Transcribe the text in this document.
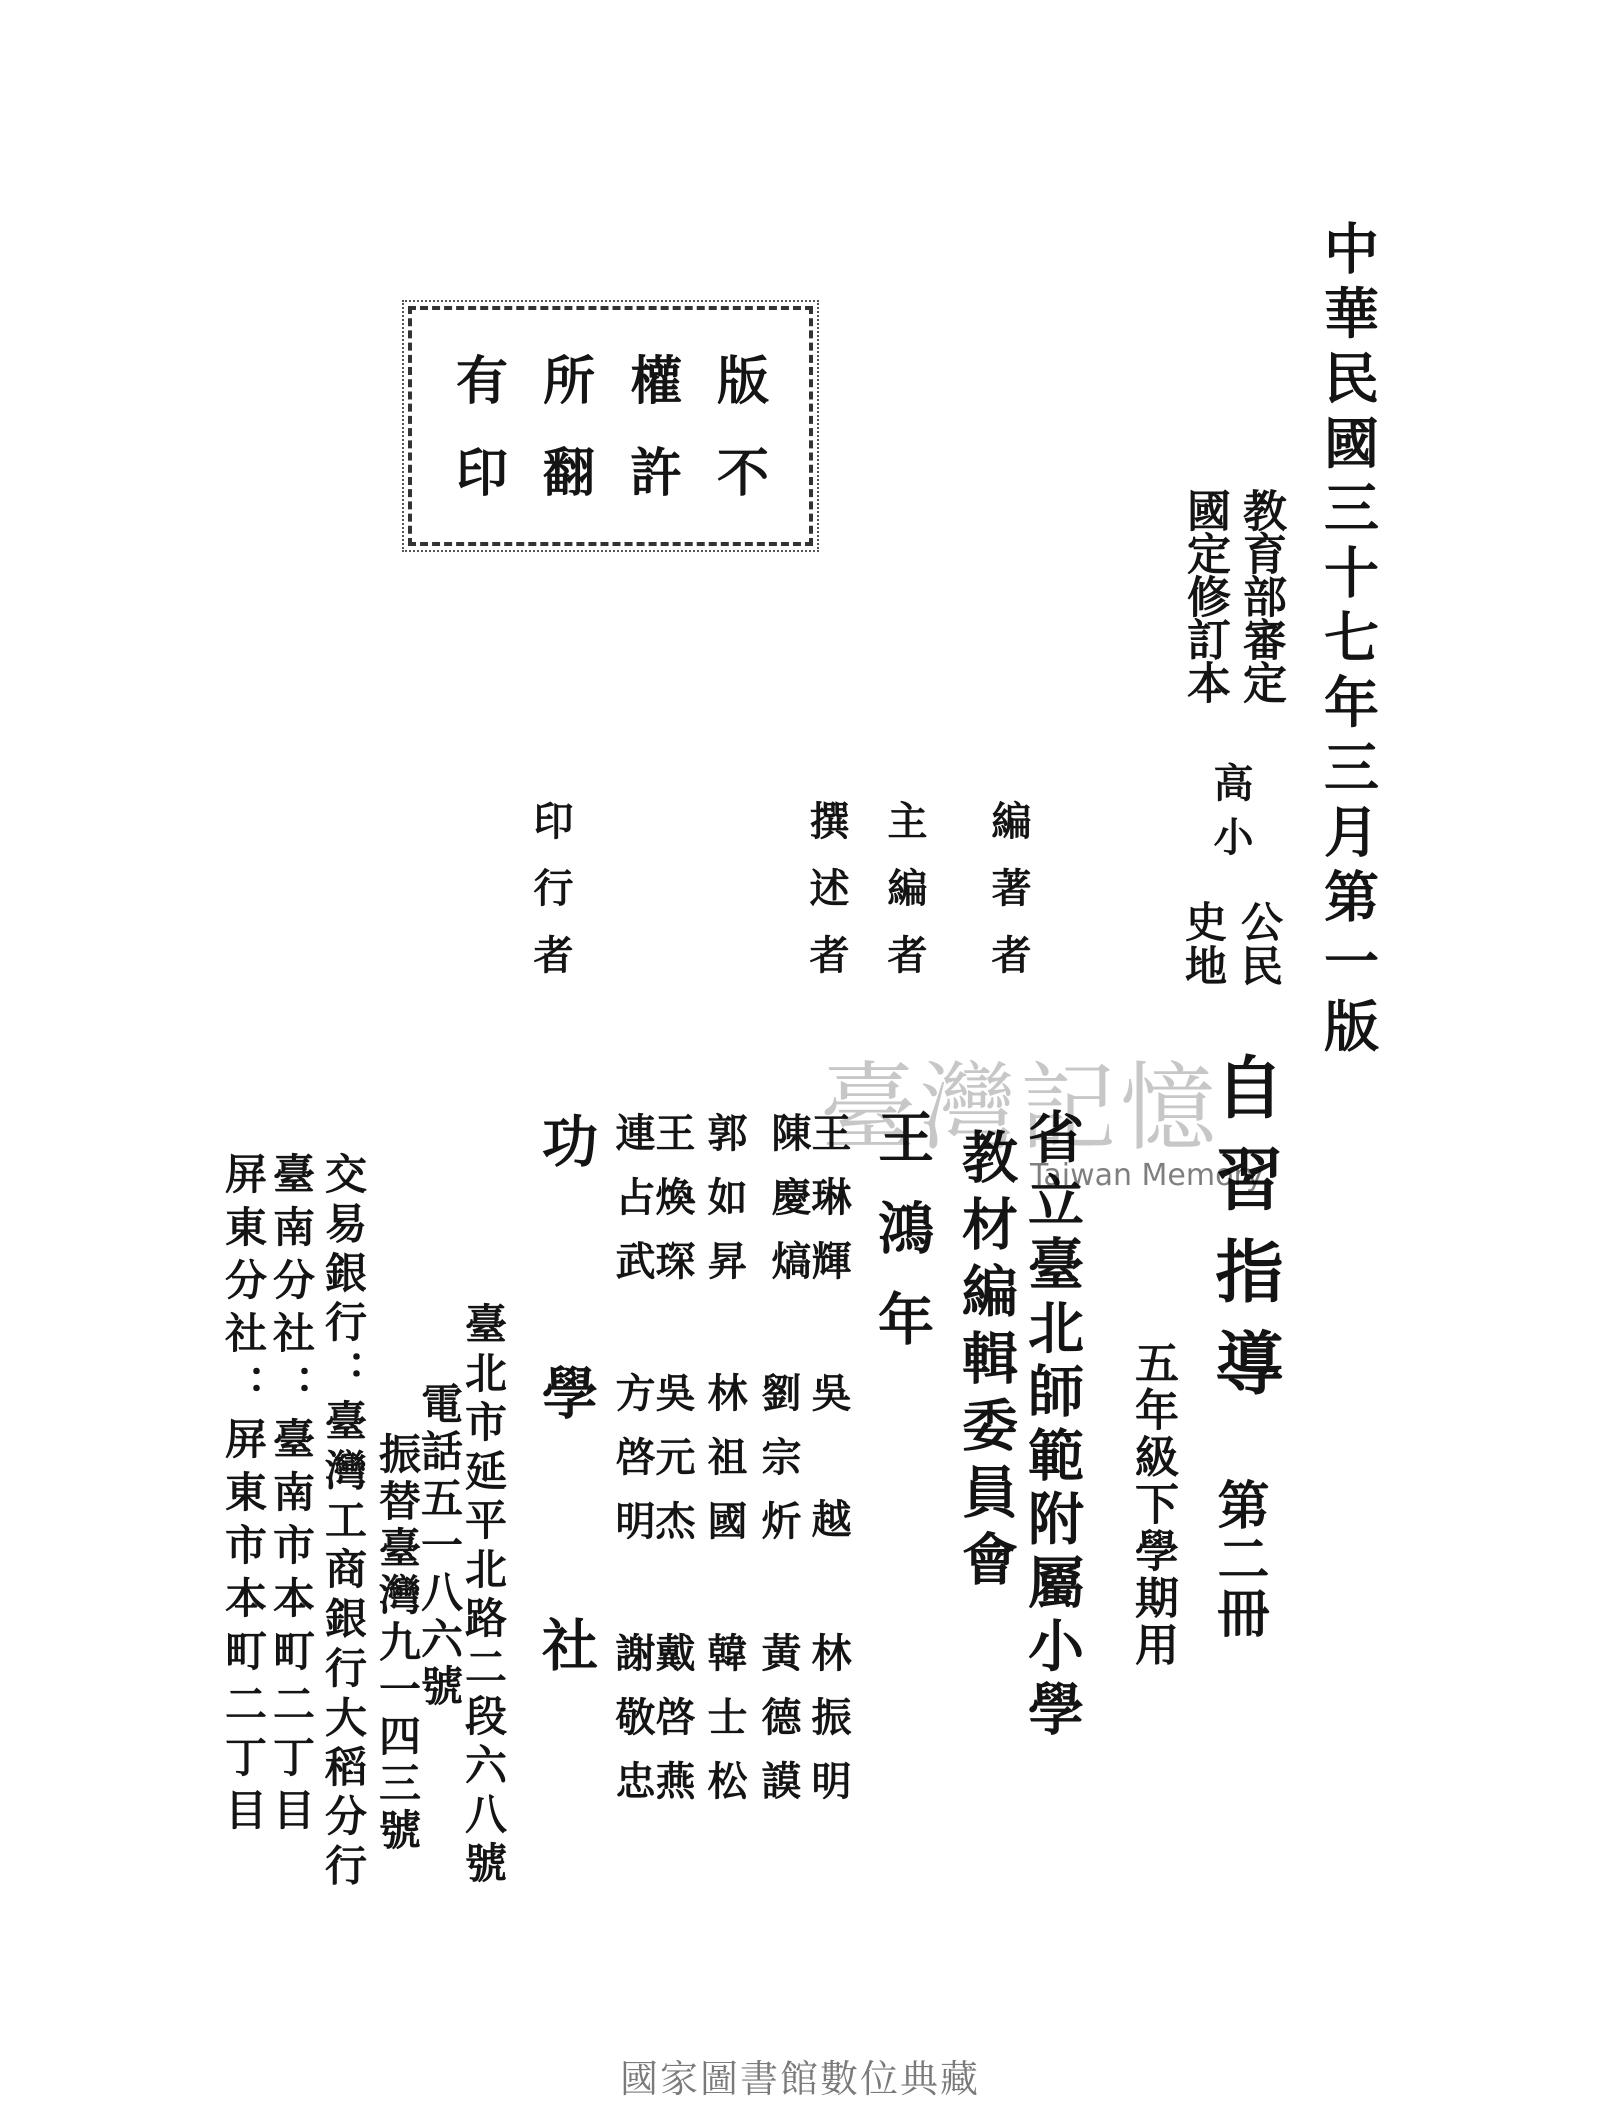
中華民國三十七年三月第一版
教育部審定
國定修訂本
高小
公民
史地
自習指導
第二冊
五年級下學期用
有 所 權 版
印 翻 許 不
編著者
主編者
撰述者
印行者
省立臺北師範附屬小學
教材編輯委員會
王鴻年
王琳輝
陳慶熇
郭如昇
王煥琛
連占武
吳越
劉宗炘
林祖國
吳元杰
方啓明
林振明
黃德謨
韓士松
戴啓燕
謝敬忠
功學社
臺北市延平北路二段六八號
電話五一八六號
振替臺灣九一四三號
交易銀行：臺灣工商銀行大稻分行
臺南分社：臺南市本町二丁目
屏東分社：屏東市本町二丁目
臺灣記憶
Taiwan Memory
國家圖書館數位典藏
